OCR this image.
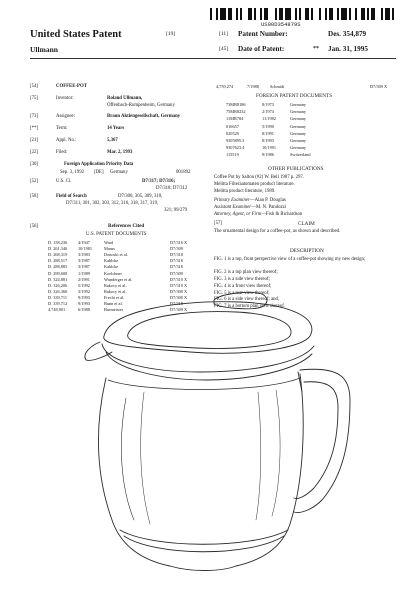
US00D354879S
United States Patent	[19]
Ullmann
[11] Patent Number:	Des. 354,879
[45] Date of Patent:	** Jan. 31, 1995
[54]	COFFEE-POT
[75]	Inventor:	Roland Ullmann,
Offenbach-Rumpenheim, Germany
[73]	Assignee:	Braun Aktiengesellschaft, Germany
[**]	Term:	14 Years
[21]	Appl. No.:	5,367
[22]	Filed:	Mar. 2, 1993
[30]	Foreign Application Priority Data
Sep. 3, 1992 [DE] Germany	001892
[52]	U.S. Cl.	D7/317; D7/316;
D7/318; D7/312
[58]	Field of Search	D7/300, 305, 309, 310,
D7/311, 301, 302, 303, 312, 316, 318, 317, 319,
321; 99/279
[56]	References Cited
U.S. PATENT DOCUMENTS
D. 158,236	4/1947	Ward	D7/316 X
D. 261,346	10/1981	Maass	D7/309
D. 268,319	3/1983	Donoski et al.	D7/318
D. 288,517	3/1987	Kahlcke	D7/318
D. 288,885	3/1987	Kahlcke	D7/318
D. 299,608	1/1989	Koelchner	D7/309
D. 324,881	2/1991	Wunderger et al.	D7/310 X
D. 326,206	5/1992	Rakocy et al.	D7/310 X
D. 326,366	5/1992	Rakocy et al.	D7/300 X
D. 339,711	9/1993	Frecht et al.	D7/300 X
D. 339,712	9/1993	Bunn et al.	D7/318
4,748,901	6/1988	Burmeister	D7/309 X
4,759,274	7/1988	Schmidt	D7/309 X
FOREIGN PATENT DOCUMENTS
73MR8186	8/1973	Germany
75MR8232	2/1974	Germany
11MR784	11/1982	Germany
016657	5/1990	Germany
020529	8/1991	Germany
9305895.3	8/1993	Germany
9307623.4	10/1991	Germany
115519	9/1986	Switzerland
OTHER PUBLICATIONS
Coffee Pot by Salton (#2) W. Bell 1987 p. 297.
Melitta Filteraatomaten product literature.
Melitta product literature, 1989.
Primary Examiner—Alan P. Douglas
Assistant Examiner—M. N. Pandozzi
Attorney, Agent, or Firm—Fish & Richardson
[57]	CLAIM
The ornamental design for a coffee-pot, as shown and described.
DESCRIPTION
FIG. 1 is a top, front perspective view of a coffee-pot showing my new design;
FIG. 2 is a top plan view thereof;
FIG. 3 is a side view thereof;
FIG. 4 is a front view thereof;
FIG. 5 is a rear view thereof;
FIG. 6 is a side view thereof; and,
FIG. 7 is a bottom plan view thereof.
